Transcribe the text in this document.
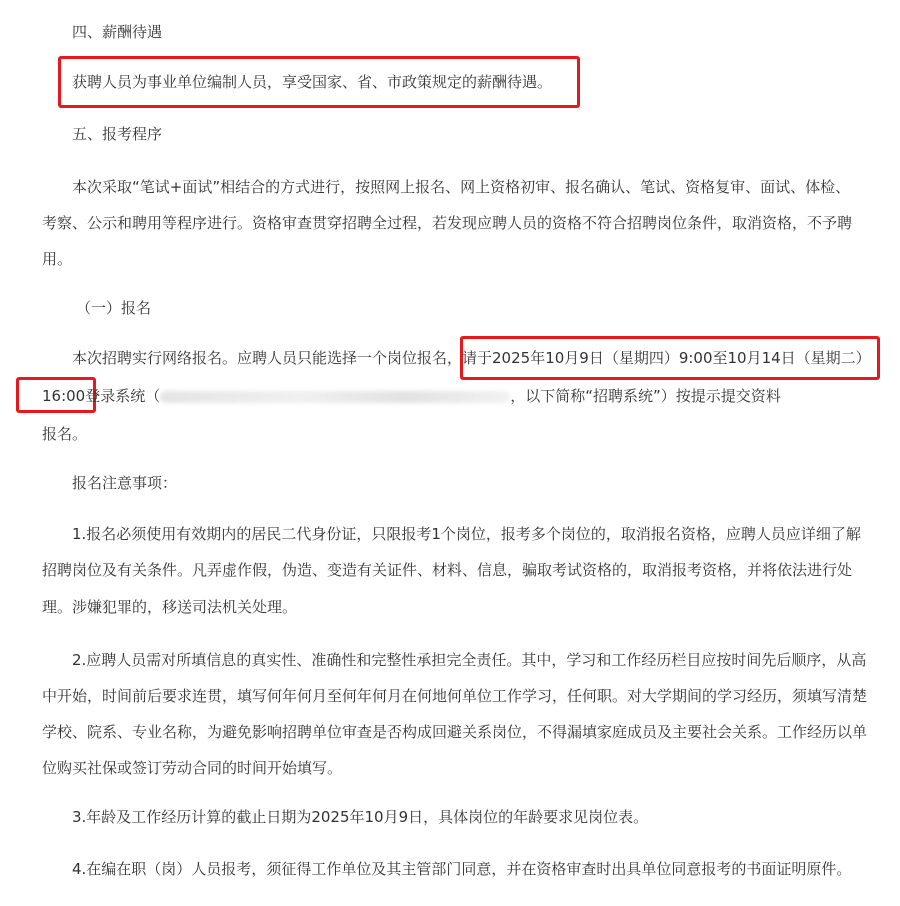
四、薪酬待遇
获聘人员为事业单位编制人员，享受国家、省、市政策规定的薪酬待遇。
五、报考程序
本次采取“笔试+面试”相结合的方式进行，按照网上报名、网上资格初审、报名确认、笔试、资格复审、面试、体检、
考察、公示和聘用等程序进行。资格审查贯穿招聘全过程，若发现应聘人员的资格不符合招聘岗位条件，取消资格，不予聘
用。
（一）报名
本次招聘实行网络报名。应聘人员只能选择一个岗位报名，请于2025年10月9日（星期四）9:00至10月14日（星期二）
16:00登录系统（	，以下简称“招聘系统”）按提示提交资料
报名。
报名注意事项：
1.报名必须使用有效期内的居民二代身份证，只限报考1个岗位，报考多个岗位的，取消报名资格，应聘人员应详细了解
招聘岗位及有关条件。凡弄虚作假，伪造、变造有关证件、材料、信息，骗取考试资格的，取消报考资格，并将依法进行处
理。涉嫌犯罪的，移送司法机关处理。
2.应聘人员需对所填信息的真实性、准确性和完整性承担完全责任。其中，学习和工作经历栏目应按时间先后顺序，从高
中开始，时间前后要求连贯，填写何年何月至何年何月在何地何单位工作学习，任何职。对大学期间的学习经历，须填写清楚
学校、院系、专业名称，为避免影响招聘单位审查是否构成回避关系岗位，不得漏填家庭成员及主要社会关系。工作经历以单
位购买社保或签订劳动合同的时间开始填写。
3.年龄及工作经历计算的截止日期为2025年10月9日，具体岗位的年龄要求见岗位表。
4.在编在职（岗）人员报考，须征得工作单位及其主管部门同意，并在资格审查时出具单位同意报考的书面证明原件。
